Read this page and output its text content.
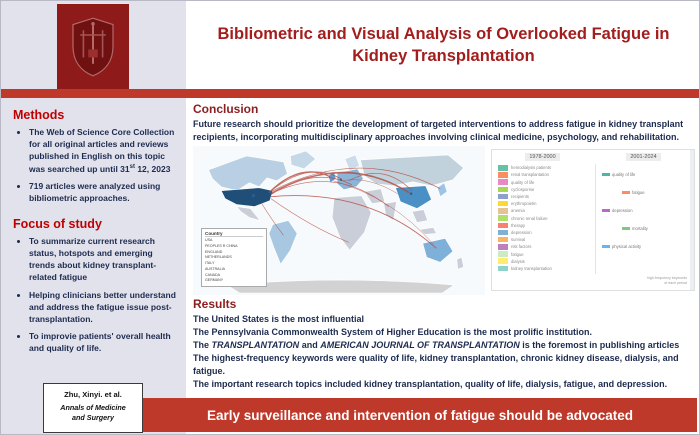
Bibliometric and Visual Analysis of Overlooked Fatigue in Kidney Transplantation
Methods
• The Web of Science Core Collection for all original articles and reviews published in English on this topic was searched up until 31st 12, 2023
• 719 articles were analyzed using bibliometric approaches.
Focus of study
• To summarize current research status, hotspots and emerging trends about kidney transplant-related fatigue
• Helping clinicians better understand and address the fatigue issue post-transplantation.
• To improvie patients' overall health and quality of life.
Zhu, Xinyi. et al.
Annals of Medicine and Surgery
Conclusion

Future research should prioritize the development of targeted interventions to address fatigue in kidney transplant recipients, incorporating multidisciplinary approaches involving clinical medicine, psychology, and rehabilitation.

Country
USA
PEOPLES R CHINA
ENGLAND
NETHERLANDS
ITALY
AUSTRALIA
CANADA
GERMANY
1978-2000	2001-2024
hemodialysis patients
renal transplantation
quality of life
cyclosporine
recipients
erythropoietin
anemia
chronic renal failure
therapy
depression
survival
risk factors
fatigue
dialysis
kidney transplantation
quality of life
fatigue
depression
mortality
physical activity
high-frequency keywords
of each period
Results

The United States is the most influential

The Pennsylvania Commonwealth System of Higher Education is the most prolific institution.

The TRANSPLANTATION and AMERICAN JOURNAL OF TRANSPLANTATION is the foremost in publishing articles

The highest-frequency keywords were quality of life, kidney transplantation, chronic kidney disease, dialysis, and fatigue.

The important research topics included kidney transplantation, quality of life, dialysis, fatigue, and depression.

Early surveillance and intervention of fatigue should be advocated
